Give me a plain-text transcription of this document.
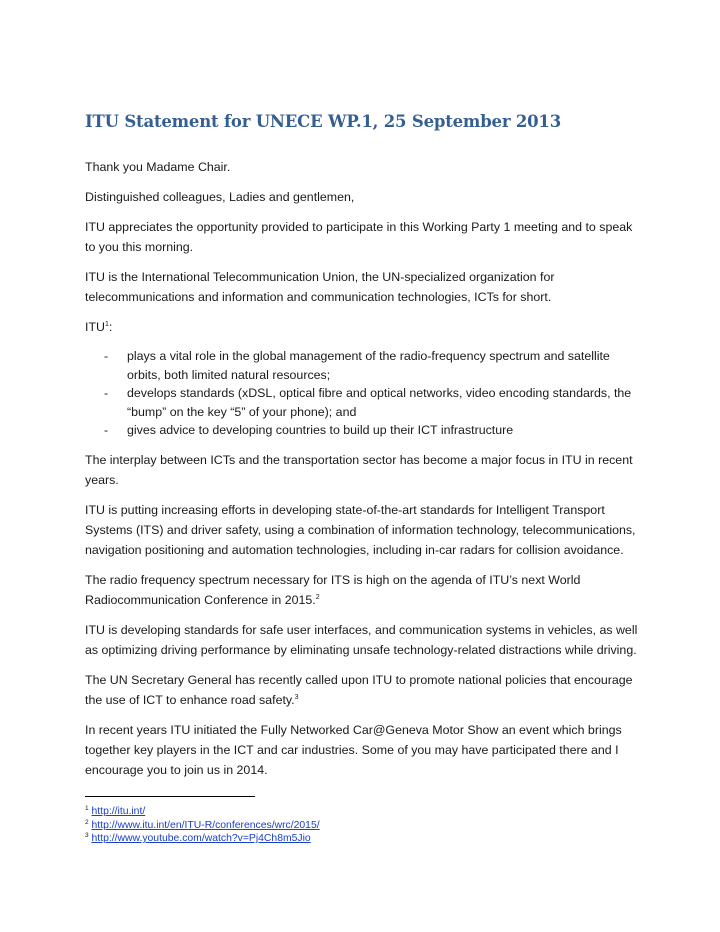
ITU Statement for UNECE WP.1, 25 September 2013

Thank you Madame Chair.

Distinguished colleagues, Ladies and gentlemen,

ITU appreciates the opportunity provided to participate in this Working Party 1 meeting and to speak to you this morning.

ITU is the International Telecommunication Union, the UN-specialized organization for telecommunications and information and communication technologies, ICTs for short.

ITU$^1$:

- plays a vital role in the global management of the radio-frequency spectrum and satellite orbits, both limited natural resources;
- develops standards (xDSL, optical fibre and optical networks, video encoding standards, the “bump” on the key “5” of your phone); and
- gives advice to developing countries to build up their ICT infrastructure

The interplay between ICTs and the transportation sector has become a major focus in ITU in recent years.

ITU is putting increasing efforts in developing state-of-the-art standards for Intelligent Transport Systems (ITS) and driver safety, using a combination of information technology, telecommunications, navigation positioning and automation technologies, including in-car radars for collision avoidance.

The radio frequency spectrum necessary for ITS is high on the agenda of ITU’s next World Radiocommunication Conference in 2015.$^2$

ITU is developing standards for safe user interfaces, and communication systems in vehicles, as well as optimizing driving performance by eliminating unsafe technology-related distractions while driving.

The UN Secretary General has recently called upon ITU to promote national policies that encourage the use of ICT to enhance road safety.$^3$

In recent years ITU initiated the Fully Networked Car@Geneva Motor Show an event which brings together key players in the ICT and car industries. Some of you may have participated there and I encourage you to join us in 2014.

$^1$ http://itu.int/

$^2$ http://www.itu.int/en/ITU-R/conferences/wrc/2015/

$^3$ http://www.youtube.com/watch?v=Pj4Ch8m5Jio
